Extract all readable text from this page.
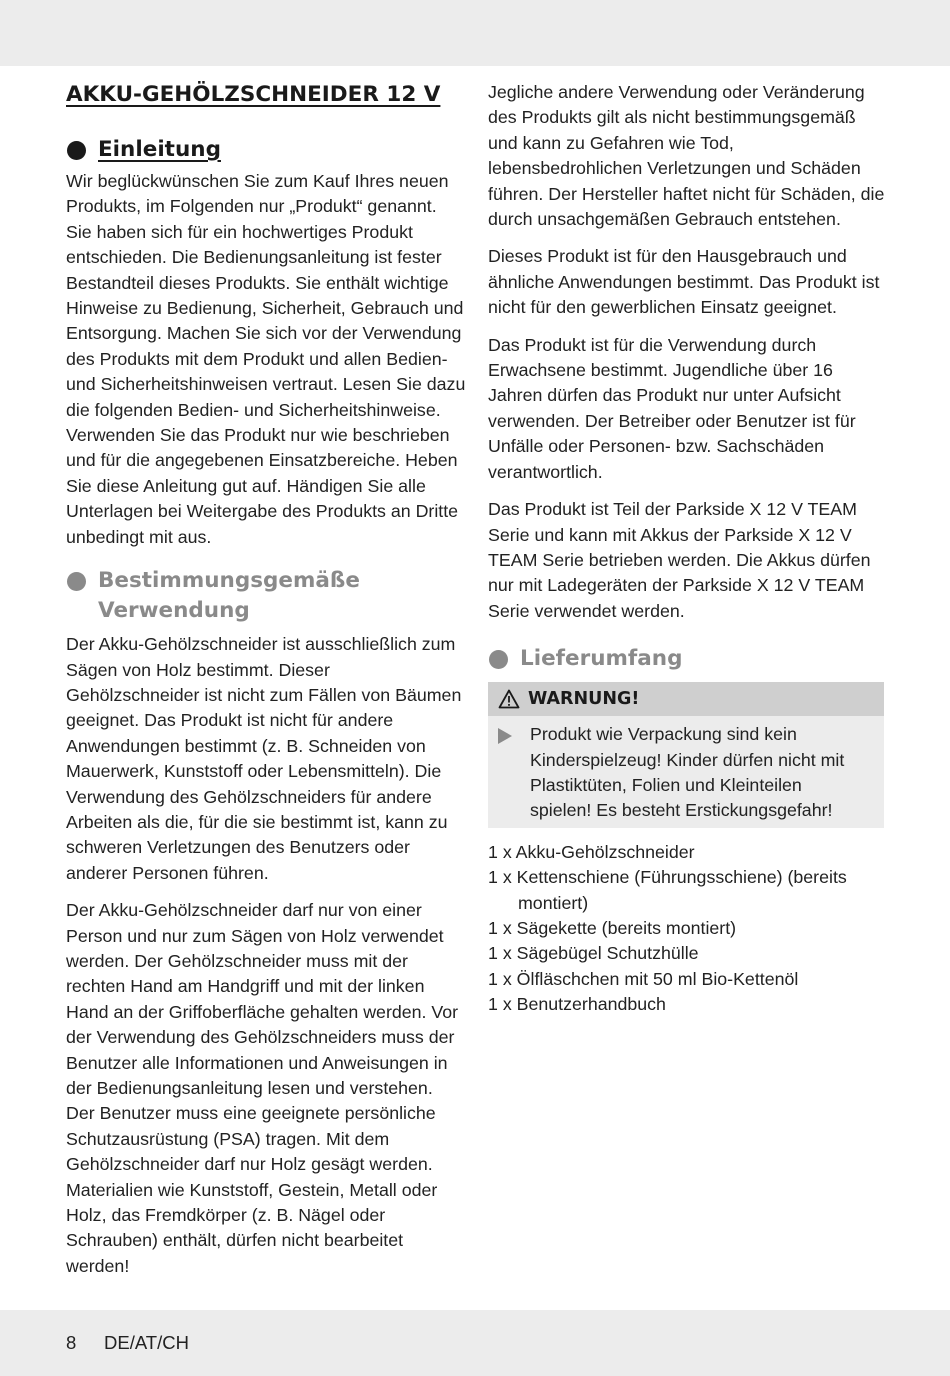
AKKU-GEHÖLZSCHNEIDER 12 V
Einleitung

Wir beglückwünschen Sie zum Kauf Ihres neuen Produkts, im Folgenden nur „Produkt“ genannt. Sie haben sich für ein hochwertiges Produkt entschieden. Die Bedienungsanleitung ist fester Bestandteil dieses Produkts. Sie enthält wichtige Hinweise zu Bedienung, Sicherheit, Gebrauch und Entsorgung. Machen Sie sich vor der Verwendung des Produkts mit dem Produkt und allen Bedien- und Sicherheitshinweisen vertraut. Lesen Sie dazu die folgenden Bedien- und Sicherheitshinweise. Verwenden Sie das Produkt nur wie beschrieben und für die angegebenen Einsatzbereiche. Heben Sie diese Anleitung gut auf. Händigen Sie alle Unterlagen bei Weitergabe des Produkts an Dritte unbedingt mit aus.

Bestimmungsgemäße
Verwendung

Der Akku-Gehölzschneider ist ausschließlich zum Sägen von Holz bestimmt. Dieser Gehölzschneider ist nicht zum Fällen von Bäumen geeignet. Das Produkt ist nicht für andere Anwendungen bestimmt (z. B. Schneiden von Mauerwerk, Kunststoff oder Lebensmitteln). Die Verwendung des Gehölzschneiders für andere Arbeiten als die, für die sie bestimmt ist, kann zu schweren Verletzungen des Benutzers oder anderer Personen führen.

Der Akku-Gehölzschneider darf nur von einer Person und nur zum Sägen von Holz verwendet werden. Der Gehölzschneider muss mit der rechten Hand am Handgriff und mit der linken Hand an der Griffoberfläche gehalten werden. Vor der Verwendung des Gehölzschneiders muss der Benutzer alle Informationen und Anweisungen in der Bedienungsanleitung lesen und verstehen. Der Benutzer muss eine geeignete persönliche Schutzausrüstung (PSA) tragen. Mit dem Gehölzschneider darf nur Holz gesägt werden. Materialien wie Kunststoff, Gestein, Metall oder Holz, das Fremdkörper (z. B. Nägel oder Schrauben) enthält, dürfen nicht bearbeitet werden!

Jegliche andere Verwendung oder Veränderung des Produkts gilt als nicht bestimmungsgemäß und kann zu Gefahren wie Tod, lebensbedrohlichen Verletzungen und Schäden führen. Der Hersteller haftet nicht für Schäden, die durch unsachgemäßen Gebrauch entstehen.

Dieses Produkt ist für den Hausgebrauch und ähnliche Anwendungen bestimmt. Das Produkt ist nicht für den gewerblichen Einsatz geeignet.

Das Produkt ist für die Verwendung durch Erwachsene bestimmt. Jugendliche über 16 Jahren dürfen das Produkt nur unter Aufsicht verwenden. Der Betreiber oder Benutzer ist für Unfälle oder Personen- bzw. Sachschäden verantwortlich.

Das Produkt ist Teil der Parkside X 12 V TEAM Serie und kann mit Akkus der Parkside X 12 V TEAM Serie betrieben werden. Die Akkus dürfen nur mit Ladegeräten der Parkside X 12 V TEAM Serie verwendet werden.

Lieferumfang
WARNUNG!

Produkt wie Verpackung sind kein Kinderspielzeug! Kinder dürfen nicht mit Plastiktüten, Folien und Kleinteilen spielen! Es besteht Erstickungsgefahr!

1 x Akku-Gehölzschneider
1 x Kettenschiene (Führungsschiene) (bereits montiert)
1 x Sägekette (bereits montiert)
1 x Sägebügel Schutzhülle
1 x Ölfläschchen mit 50 ml Bio-Kettenöl
1 x Benutzerhandbuch
8 DE/AT/CH
